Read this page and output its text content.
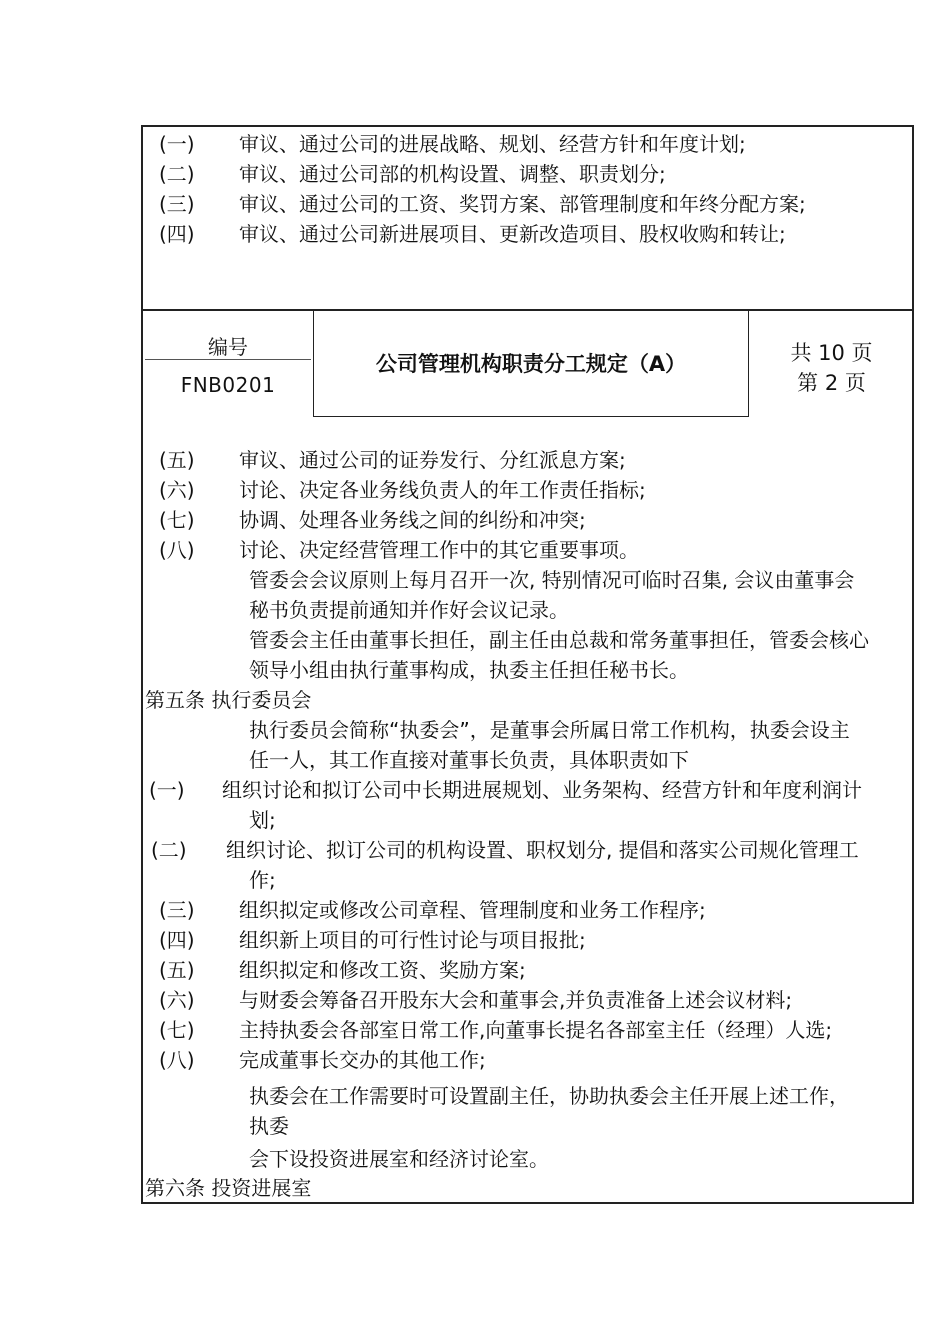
(一) 审议、通过公司的进展战略、规划、经营方针和年度计划;
(二) 审议、通过公司部的机构设置、调整、职责划分;
(三) 审议、通过公司的工资、奖罚方案、部管理制度和年终分配方案;
(四) 审议、通过公司新进展项目、更新改造项目、股权收购和转让;
编号
FNB0201
公司管理机构职责分工规定（A）	共 10 页
第 2 页
(五) 审议、通过公司的证券发行、分红派息方案;
(六) 讨论、决定各业务线负责人的年工作责任指标;
(七) 协调、处理各业务线之间的纠纷和冲突;
(八) 讨论、决定经营管理工作中的其它重要事项。
管委会会议原则上每月召开一次, 特别情况可临时召集, 会议由董事会
秘书负责提前通知并作好会议记录。
管委会主任由董事长担任，副主任由总裁和常务董事担任，管委会核心
领导小组由执行董事构成，执委主任担任秘书长。
第五条 执行委员会
执行委员会简称“执委会”，是董事会所属日常工作机构，执委会设主
任一人，其工作直接对董事长负责，具体职责如下
(一) 组织讨论和拟订公司中长期进展规划、业务架构、经营方针和年度利润计
划;
(二) 组织讨论、拟订公司的机构设置、职权划分, 提倡和落实公司规化管理工
作;
(三) 组织拟定或修改公司章程、管理制度和业务工作程序;
(四) 组织新上项目的可行性讨论与项目报批;
(五) 组织拟定和修改工资、奖励方案;
(六) 与财委会筹备召开股东大会和董事会,并负责准备上述会议材料;
(七) 主持执委会各部室日常工作,向董事长提名各部室主任（经理）人选;
(八) 完成董事长交办的其他工作;
执委会在工作需要时可设置副主任，协助执委会主任开展上述工作，
执委
会下设投资进展室和经济讨论室。
第六条 投资进展室
